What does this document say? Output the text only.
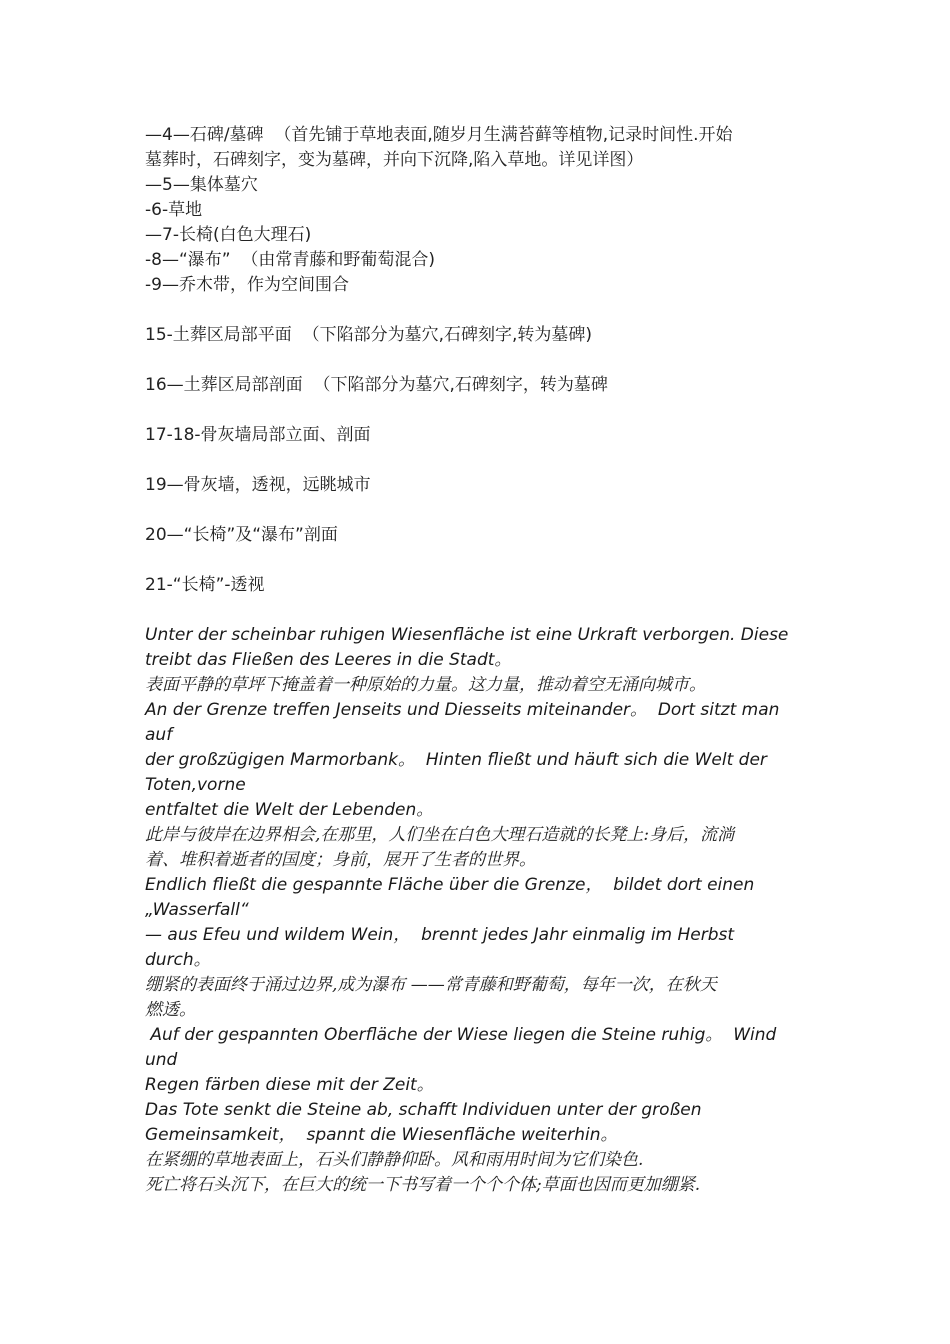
—4—石碑/墓碑  （首先铺于草地表面,随岁月生满苔藓等植物,记录时间性.开始
墓葬时，石碑刻字，变为墓碑，并向下沉降,陷入草地。详见详图）
—5—集体墓穴
-6-草地
—7-长椅(白色大理石)
-8—“瀑布”  （由常青藤和野葡萄混合)
-9—乔木带，作为空间围合
15-土葬区局部平面  （下陷部分为墓穴,石碑刻字,转为墓碑)
16—土葬区局部剖面  （下陷部分为墓穴,石碑刻字，转为墓碑
17-18-骨灰墙局部立面、剖面
19—骨灰墙，透视，远眺城市
20—“长椅”及“瀑布”剖面
21-“长椅”-透视
Unter der scheinbar ruhigen Wiesenfläche ist eine Urkraft verborgen. Diese
treibt das Fließen des Leeres in die Stadt。
表面平静的草坪下掩盖着一种原始的力量。这力量，推动着空无涌向城市。
An der Grenze treffen Jenseits und Diesseits miteinander。  Dort sitzt man
auf
der großzügigen Marmorbank。  Hinten fließt und häuft sich die Welt der
Toten,vorne
entfaltet die Welt der Lebenden。
此岸与彼岸在边界相会,在那里，人们坐在白色大理石造就的长凳上:身后，流淌
着、堆积着逝者的国度；身前，展开了生者的世界。
Endlich fließt die gespannte Fläche über die Grenze，  bildet dort einen
„Wasserfall“
— aus Efeu und wildem Wein，  brennt jedes Jahr einmalig im Herbst
durch。
绷紧的表面终于涌过边界,成为瀑布 ——常青藤和野葡萄，每年一次，在秋天
燃透。
Auf der gespannten Oberfläche der Wiese liegen die Steine ruhig。  Wind
und
Regen färben diese mit der Zeit。
Das Tote senkt die Steine ab, schafft Individuen unter der großen
Gemeinsamkeit，  spannt die Wiesenfläche weiterhin。
在紧绷的草地表面上，石头们静静仰卧。风和雨用时间为它们染色.
死亡将石头沉下，在巨大的统一下书写着一个个个体;草面也因而更加绷紧.
